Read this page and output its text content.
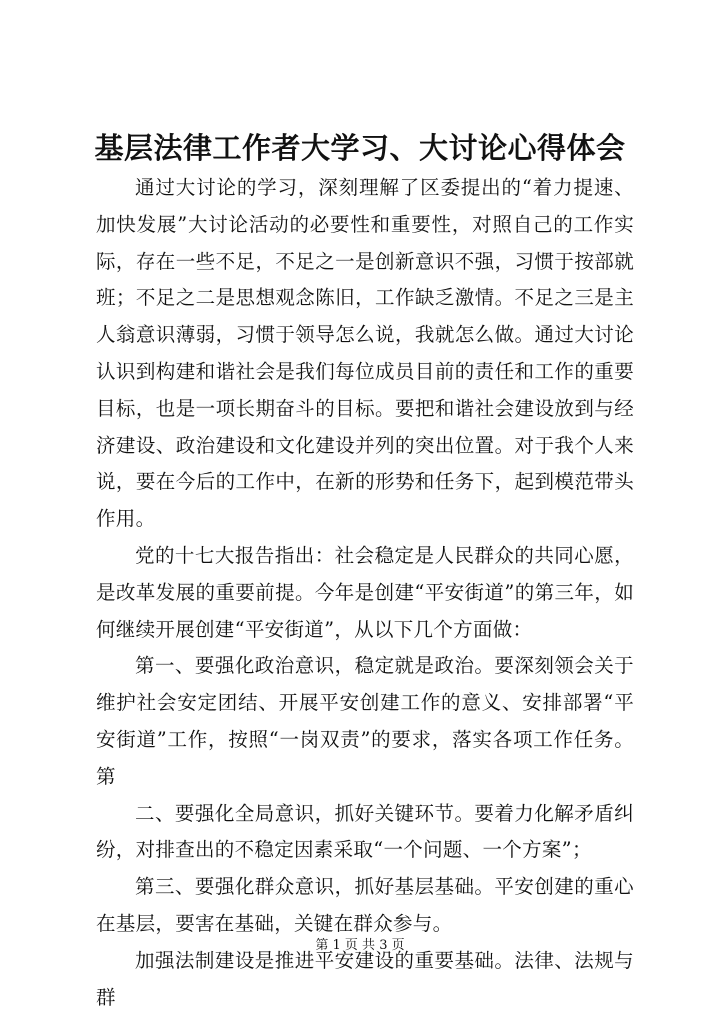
基层法律工作者大学习、大讨论心得体会

通过大讨论的学习，深刻理解了区委提出的“着力提速、加快发展”大讨论活动的必要性和重要性，对照自己的工作实际，存在一些不足，不足之一是创新意识不强，习惯于按部就班；不足之二是思想观念陈旧，工作缺乏激情。不足之三是主人翁意识薄弱，习惯于领导怎么说，我就怎么做。通过大讨论认识到构建和谐社会是我们每位成员目前的责任和工作的重要目标，也是一项长期奋斗的目标。要把和谐社会建设放到与经济建设、政治建设和文化建设并列的突出位置。对于我个人来说，要在今后的工作中，在新的形势和任务下，起到模范带头作用。

党的十七大报告指出：社会稳定是人民群众的共同心愿，是改革发展的重要前提。今年是创建“平安街道”的第三年，如何继续开展创建“平安街道”，从以下几个方面做：

第一、要强化政治意识，稳定就是政治。要深刻领会关于维护社会安定团结、开展平安创建工作的意义、安排部署“平安街道”工作，按照“一岗双责”的要求，落实各项工作任务。第

二、要强化全局意识，抓好关键环节。要着力化解矛盾纠纷，对排查出的不稳定因素采取“一个问题、一个方案”；

第三、要强化群众意识，抓好基层基础。平安创建的重心在基层，要害在基础，关键在群众参与。

加强法制建设是推进平安建设的重要基础。法律、法规与群

第 1 页 共 3 页
